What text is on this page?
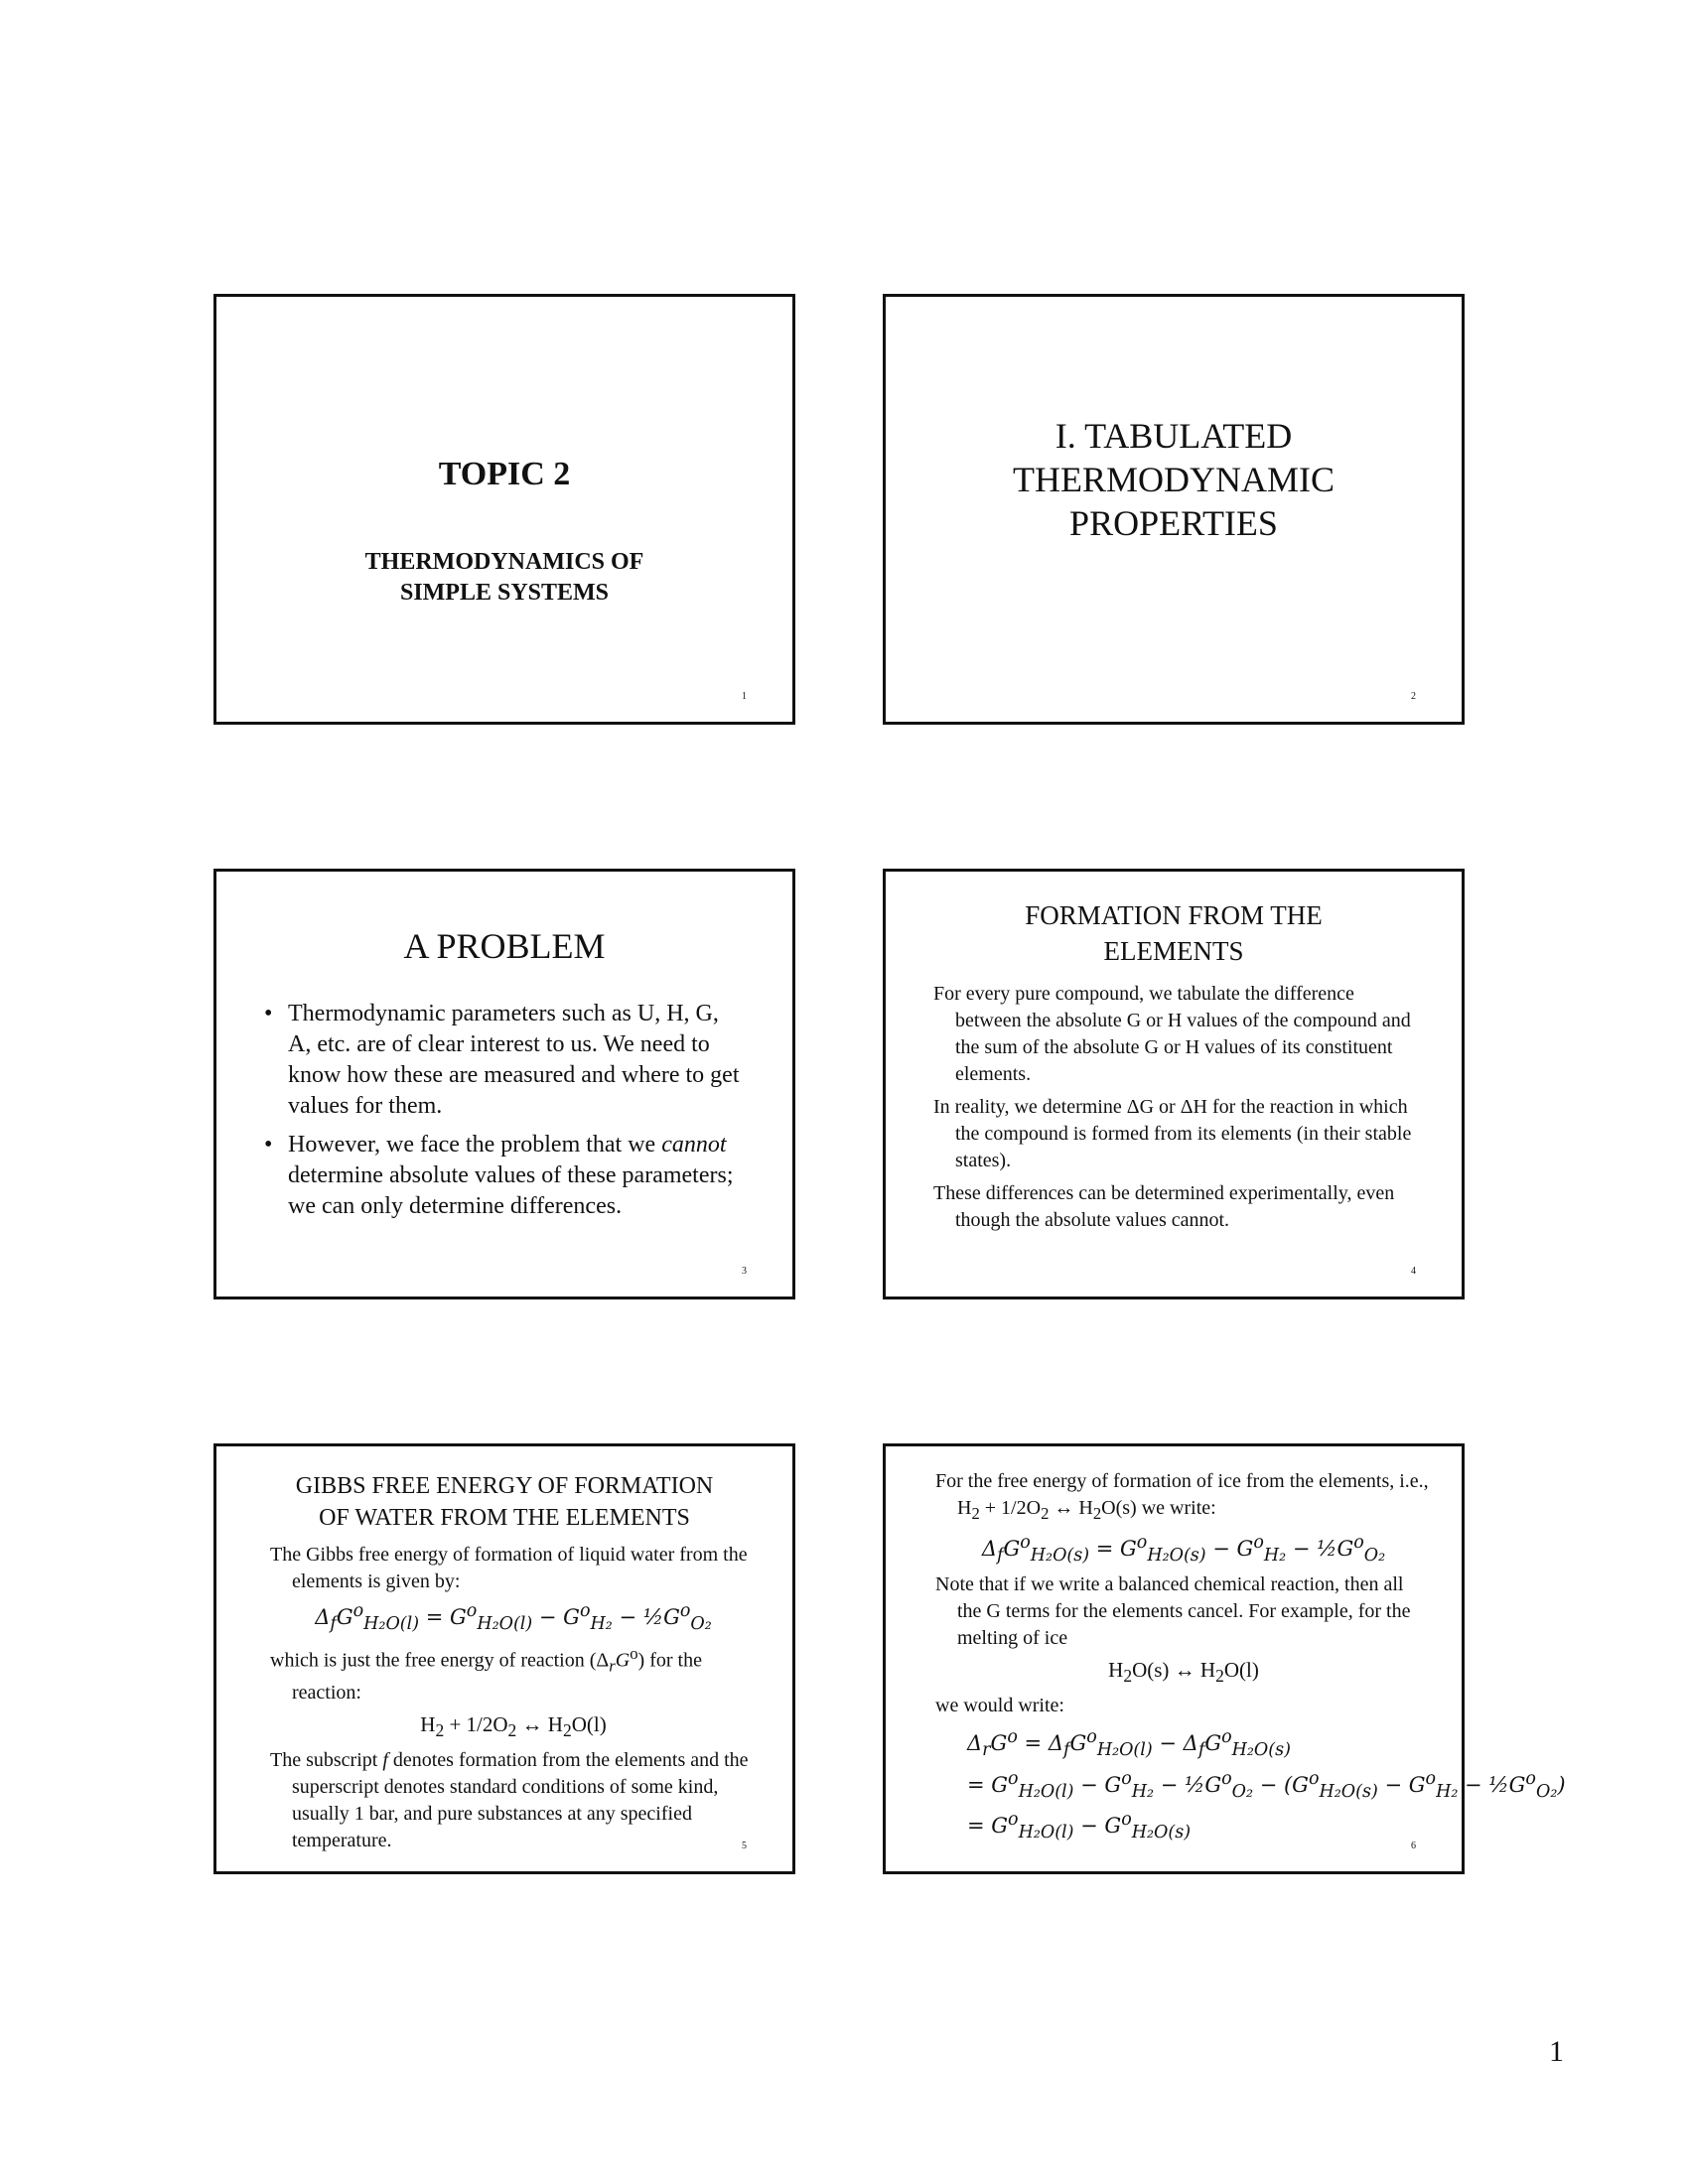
TOPIC 2
THERMODYNAMICS OF
SIMPLE SYSTEMS
1
I. TABULATED
THERMODYNAMIC
PROPERTIES
2
A PROBLEM
• Thermodynamic parameters such as U, H, G, A, etc. are of clear interest to us. We need to know how these are measured and where to get values for them.
• However, we face the problem that we cannot determine absolute values of these parameters; we can only determine differences.
3
FORMATION FROM THE
ELEMENTS

For every pure compound, we tabulate the difference between the absolute G or H values of the compound and the sum of the absolute G or H values of its constituent elements.

In reality, we determine ΔG or ΔH for the reaction in which the compound is formed from its elements (in their stable states).

These differences can be determined experimentally, even though the absolute values cannot.

4
GIBBS FREE ENERGY OF FORMATION
OF WATER FROM THE ELEMENTS

The Gibbs free energy of formation of liquid water from the elements is given by:

$\Delta_fG^o_{H_2O(l)} = G^o_{H_2O(l)} - G^o_{H_2}$ − $\frac{1}{2}G^o_{O_2}$

which is just the free energy of reaction $(\Delta_rG^o)$ for the reaction:

$H_2 + 1/2O_2$ ↔ $H_2O(l)$

The subscript f denotes formation from the elements and the superscript denotes standard conditions of some kind, usually 1 bar, and pure substances at any specified temperature.	5

For the free energy of formation of ice from the elements, i.e., $H_2 + 1/2O_2$ ↔ $H_2O(s)$ we write:

$\Delta_fG^o_{H_2O(s)} = G^o_{H_2O(s)} - G^o_{H_2}$ − $\frac{1}{2}G^o_{O_2}$

Note that if we write a balanced chemical reaction, then all the G terms for the elements cancel. For example, for the melting of ice

$H_2O(s)$ ↔ $H_2O(l)$

we would write:

$\Delta_rG^o = \Delta_fG^o_{H_2O(l)} - \Delta_fG^o_{H_2O(s)}$
= $G^o_{H_2O(l)} - G^o_{H_2}$ − $\frac{1}{2}G^o_{O_2} - (G^o_{H_2O(s)} - G^o_{H_2}$ − $\frac{1}{2}G^o_{O_2}$)
= $G^o_{H_2O(l)} - G^o_{H_2O(s)}$
6
1
